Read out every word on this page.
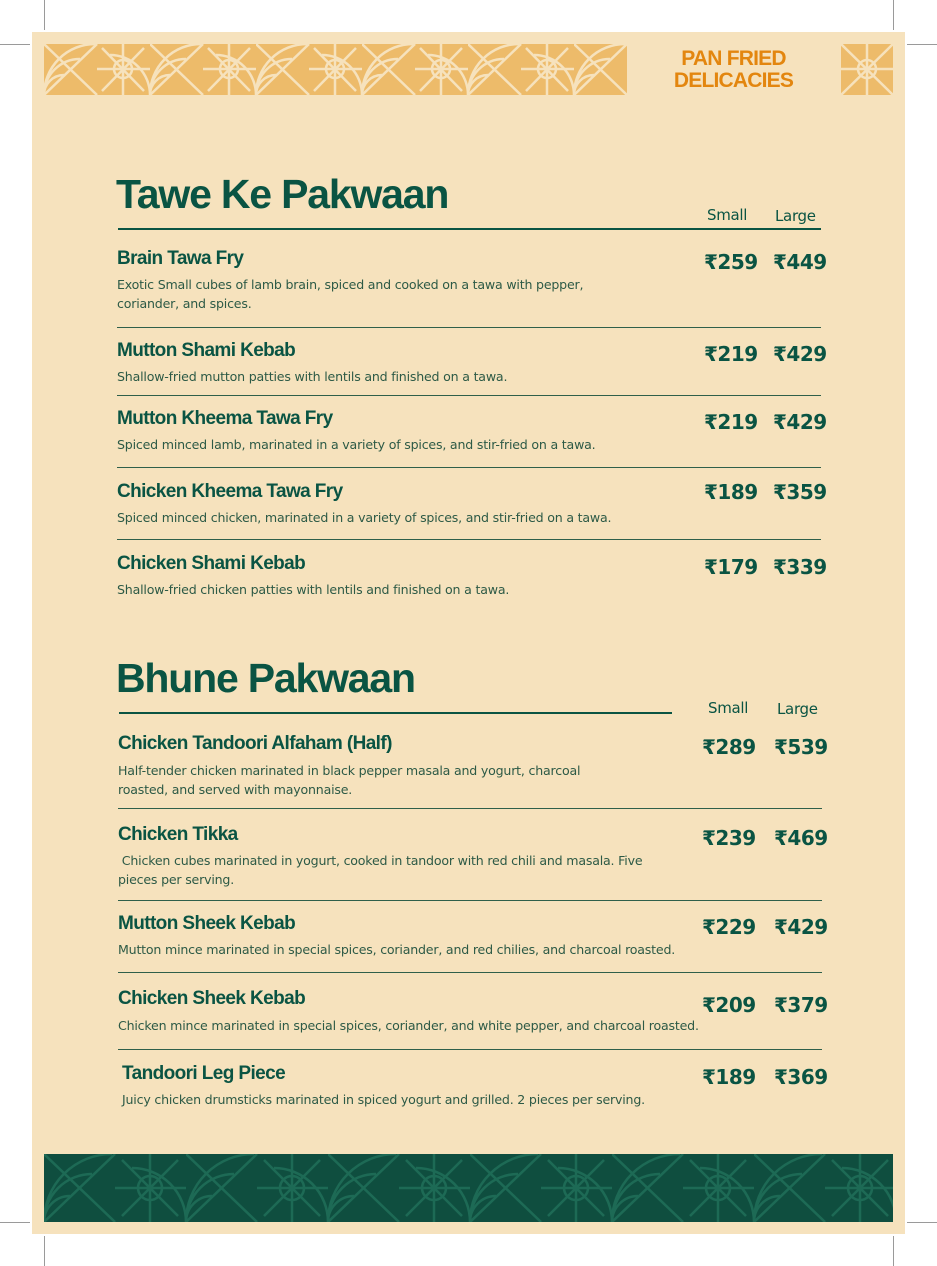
PAN FRIED
DELICACIES
Tawe Ke Pakwaan	Small Large
Brain Tawa Fry
Exotic Small cubes of lamb brain, spiced and cooked on a tawa with pepper,
coriander, and spices.
₹259 ₹449
Mutton Shami Kebab
Shallow-fried mutton patties with lentils and finished on a tawa.
₹219 ₹429
Mutton Kheema Tawa Fry
Spiced minced lamb, marinated in a variety of spices, and stir-fried on a tawa.
₹219 ₹429
Chicken Kheema Tawa Fry
Spiced minced chicken, marinated in a variety of spices, and stir-fried on a tawa.
₹189 ₹359
Chicken Shami Kebab
Shallow-fried chicken patties with lentils and finished on a tawa.
₹179 ₹339
Bhune Pakwaan
Small Large
Chicken Tandoori Alfaham (Half)
Half-tender chicken marinated in black pepper masala and yogurt, charcoal
roasted, and served with mayonnaise.
₹289 ₹539
Chicken Tikka
Chicken cubes marinated in yogurt, cooked in tandoor with red chili and masala. Five
pieces per serving.
₹239 ₹469
Mutton Sheek Kebab
Mutton mince marinated in special spices, coriander, and red chilies, and charcoal roasted.
₹229 ₹429
Chicken Sheek Kebab
Chicken mince marinated in special spices, coriander, and white pepper, and charcoal roasted.
₹209 ₹379
Tandoori Leg Piece
Juicy chicken drumsticks marinated in spiced yogurt and grilled. 2 pieces per serving.
₹189 ₹369
